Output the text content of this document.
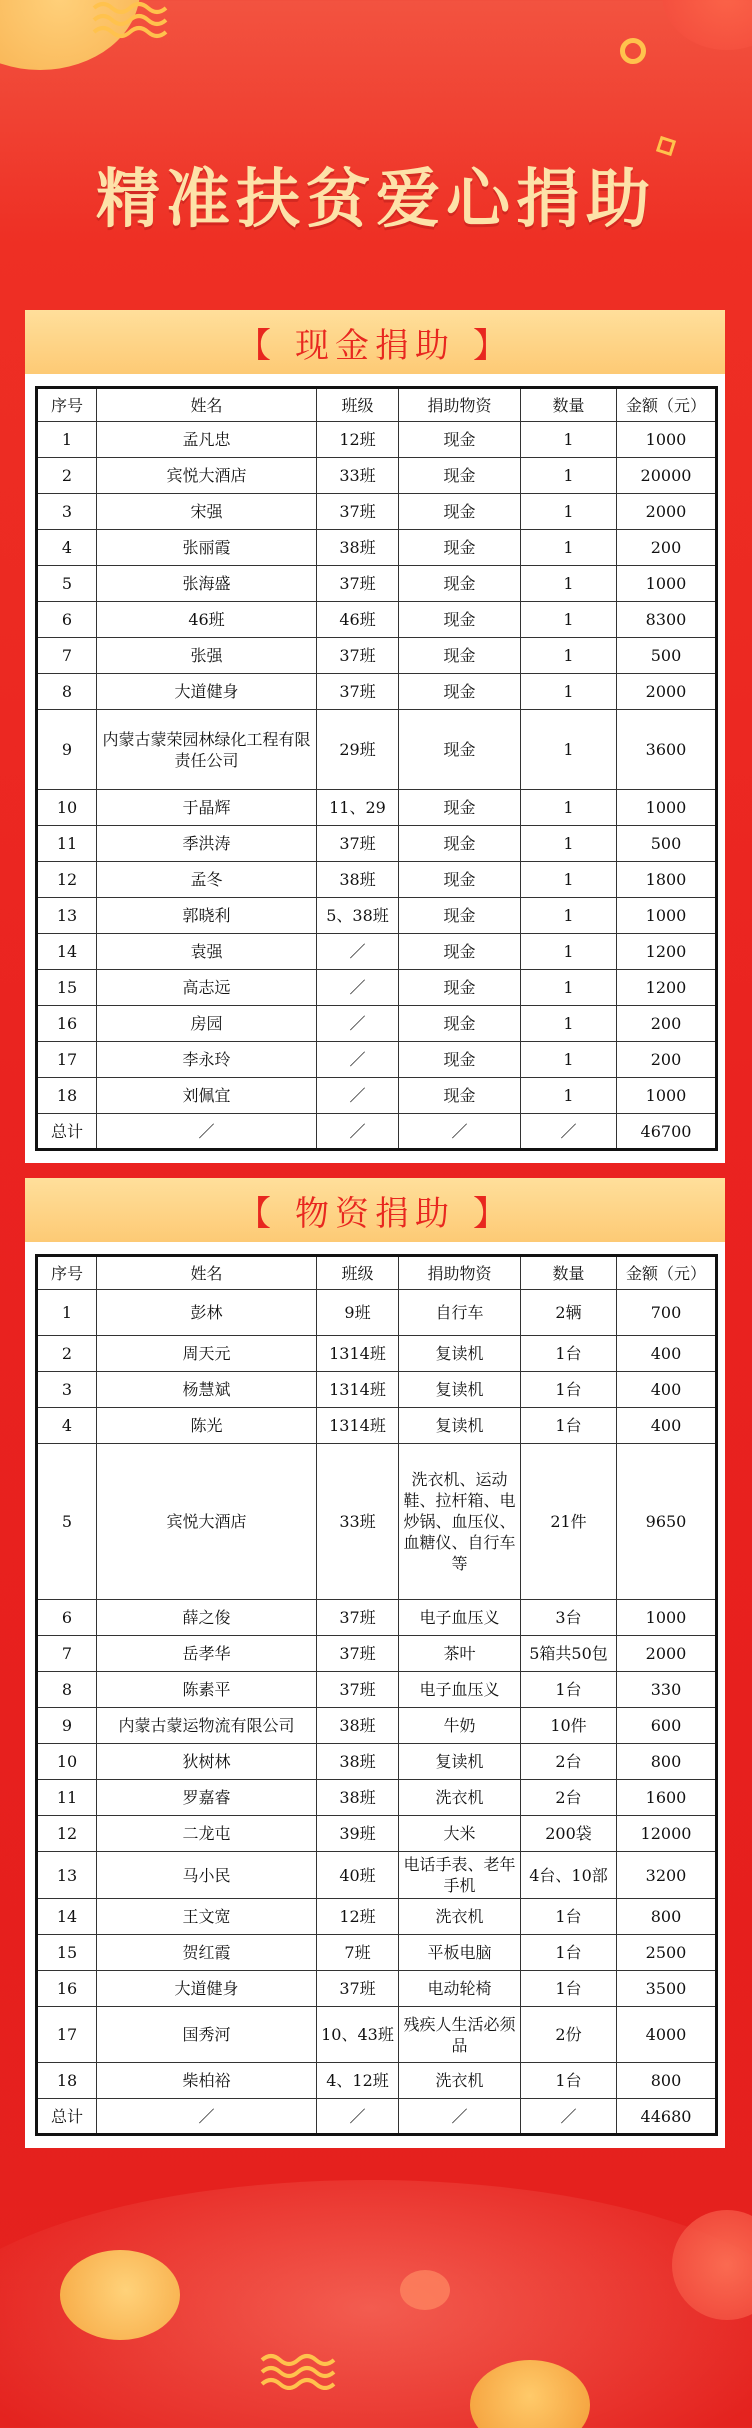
精准扶贫爱心捐助
【 现金捐助 】
序号	姓名	班级	捐助物资	数量	金额（元）
1	孟凡忠	12班	现金	1	1000
2	宾悦大酒店	33班	现金	1	20000
3	宋强	37班	现金	1	2000
4	张丽霞	38班	现金	1	200
5	张海盛	37班	现金	1	1000
6	46班	46班	现金	1	8300
7	张强	37班	现金	1	500
8	大道健身	37班	现金	1	2000
9	内蒙古蒙荣园林绿化工程有限责任公司	29班	现金	1	3600
10	于晶辉	11、29	现金	1	1000
11	季洪涛	37班	现金	1	500
12	孟冬	38班	现金	1	1800
13	郭晓利	5、38班	现金	1	1000
14	袁强	／	现金	1	1200
15	高志远	／	现金	1	1200
16	房园	／	现金	1	200
17	李永玲	／	现金	1	200
18	刘佩宜	／	现金	1	1000
总计	／	／	／	／	46700
【 物资捐助 】
序号	姓名	班级	捐助物资	数量	金额（元）
1	彭林	9班	自行车	2辆	700
2	周天元	1314班	复读机	1台	400
3	杨慧斌	1314班	复读机	1台	400
4	陈光	1314班	复读机	1台	400
5	宾悦大酒店	33班	洗衣机、运动鞋、拉杆箱、电炒锅、血压仪、血糖仪、自行车等	21件	9650
6	薛之俊	37班	电子血压义	3台	1000
7	岳孝华	37班	茶叶	5箱共50包	2000
8	陈素平	37班	电子血压义	1台	330
9	内蒙古蒙运物流有限公司	38班	牛奶	10件	600
10	狄树林	38班	复读机	2台	800
11	罗嘉睿	38班	洗衣机	2台	1600
12	二龙屯	39班	大米	200袋	12000
13	马小民	40班	电话手表、老年手机	4台、10部	3200
14	王文宽	12班	洗衣机	1台	800
15	贺红霞	7班	平板电脑	1台	2500
16	大道健身	37班	电动轮椅	1台	3500
17	国秀河	10、43班	残疾人生活必须品	2份	4000
18	柴柏裕	4、12班	洗衣机	1台	800
总计	／	／	／	／	44680
